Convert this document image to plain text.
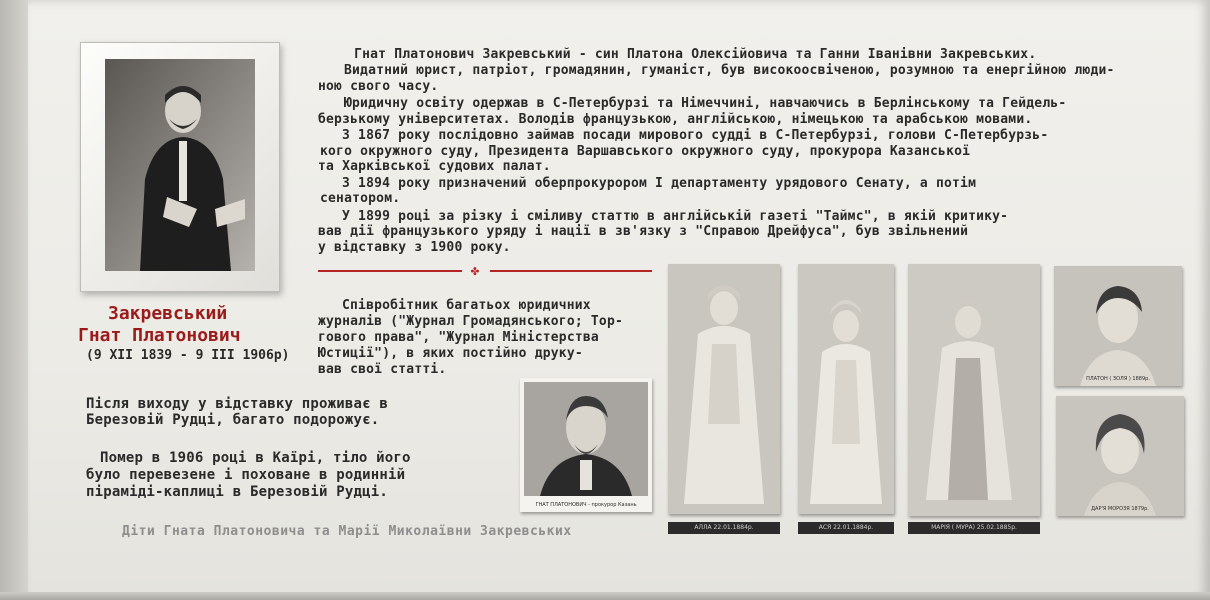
Закревський
Гнат Платонович
(9 XII 1839 - 9 III 1906р)
Гнат Платонович Закревський - син Платона Олексійовича та Ганни Іванівни Закревських.
Видатний юрист, патріот, громадянин, гуманіст, був високоосвіченою, розумною та енергійною люди-
ною свого часу.
Юридичну освіту одержав в С-Петербурзі та Німеччині, навчаючись в Берлінському та Гейдель-
берзькому університетах. Володів французькою, англійською, німецькою та арабською мовами.
З 1867 року послідовно займав посади мирового судді в С-Петербурзі, голови С-Петербурзь-
кого окружного суду, Президента Варшавського окружного суду, прокурора Казанської
та Харківської судових палат.
З 1894 року призначений оберпрокурором I департаменту урядового Сенату, а потім
сенатором.
У 1899 році за різку і сміливу статтю в англійській газеті "Таймс", в якій критику-
вав дії французького уряду і нації в зв'язку з "Справою Дрейфуса", був звільнений
у відставку з 1900 року.
✤
Співробітник багатьох юридичних
журналів ("Журнал Громадянського; Тор-
гового права", "Журнал Міністерства
Юстиції"), в яких постійно друку-
вав свої статті.
Після виходу у відставку проживає в
Березовій Рудці, багато подорожує.
Помер в 1906 році в Каїрі, тіло його
було перевезене і поховане в родинній
піраміді-каплиці в Березовій Рудці.
Діти Гната Платоновича та Марії Миколаївни Закревських
ГНАТ ПЛАТОНОВИЧ - прокурор Казань
АЛЛА 22.01.1884р.	АСЯ 22.01.1884р.	МАРІЯ ( МУРА) 25.02.1885р.
ПЛАТОН ( ЗОЛЯ ) 1889р.
ДАР'Я МОРОЗЯ 1879р.
